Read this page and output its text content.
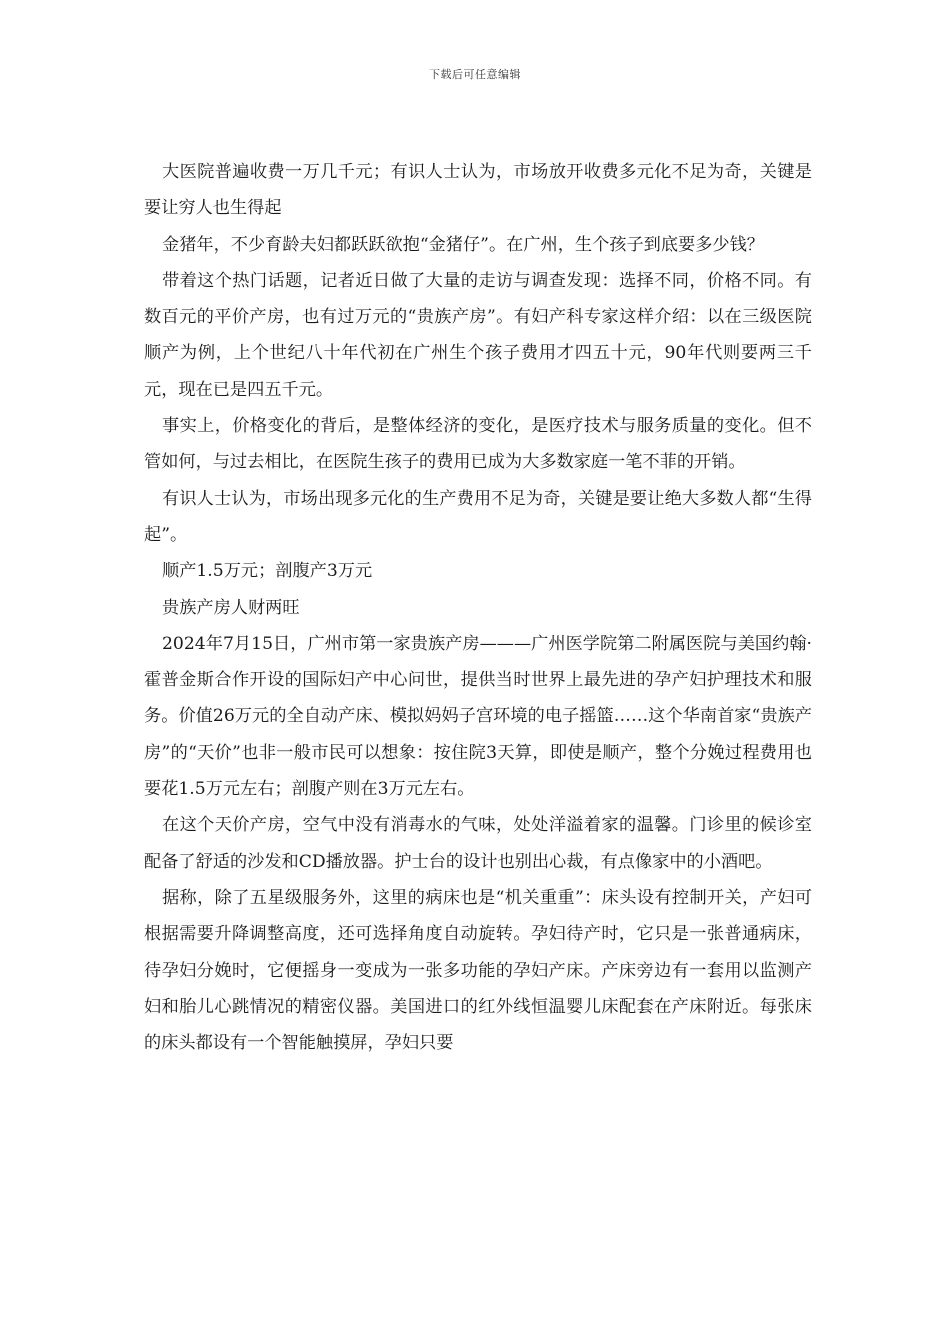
下载后可任意编辑

大医院普遍收费一万几千元；有识人士认为，市场放开收费多元化不足为奇，关键是要让穷人也生得起

金猪年，不少育龄夫妇都跃跃欲抱“金猪仔”。在广州，生个孩子到底要多少钱？

带着这个热门话题，记者近日做了大量的走访与调查发现：选择不同，价格不同。有数百元的平价产房，也有过万元的“贵族产房”。有妇产科专家这样介绍：以在三级医院顺产为例，上个世纪八十年代初在广州生个孩子费用才四五十元，90年代则要两三千元，现在已是四五千元。

事实上，价格变化的背后，是整体经济的变化，是医疗技术与服务质量的变化。但不管如何，与过去相比，在医院生孩子的费用已成为大多数家庭一笔不菲的开销。

有识人士认为，市场出现多元化的生产费用不足为奇，关键是要让绝大多数人都“生得起”。

顺产1.5万元；剖腹产3万元

贵族产房人财两旺

2024年7月15日，广州市第一家贵族产房———广州医学院第二附属医院与美国约翰·霍普金斯合作开设的国际妇产中心问世，提供当时世界上最先进的孕产妇护理技术和服务。价值26万元的全自动产床、模拟妈妈子宫环境的电子摇篮……这个华南首家“贵族产房”的“天价”也非一般市民可以想象：按住院3天算，即使是顺产，整个分娩过程费用也要花1.5万元左右；剖腹产则在3万元左右。

在这个天价产房，空气中没有消毒水的气味，处处洋溢着家的温馨。门诊里的候诊室配备了舒适的沙发和CD播放器。护士台的设计也别出心裁，有点像家中的小酒吧。

据称，除了五星级服务外，这里的病床也是“机关重重”：床头设有控制开关，产妇可根据需要升降调整高度，还可选择角度自动旋转。孕妇待产时，它只是一张普通病床，待孕妇分娩时，它便摇身一变成为一张多功能的孕妇产床。产床旁边有一套用以监测产妇和胎儿心跳情况的精密仪器。美国进口的红外线恒温婴儿床配套在产床附近。每张床的床头都设有一个智能触摸屏，孕妇只要
